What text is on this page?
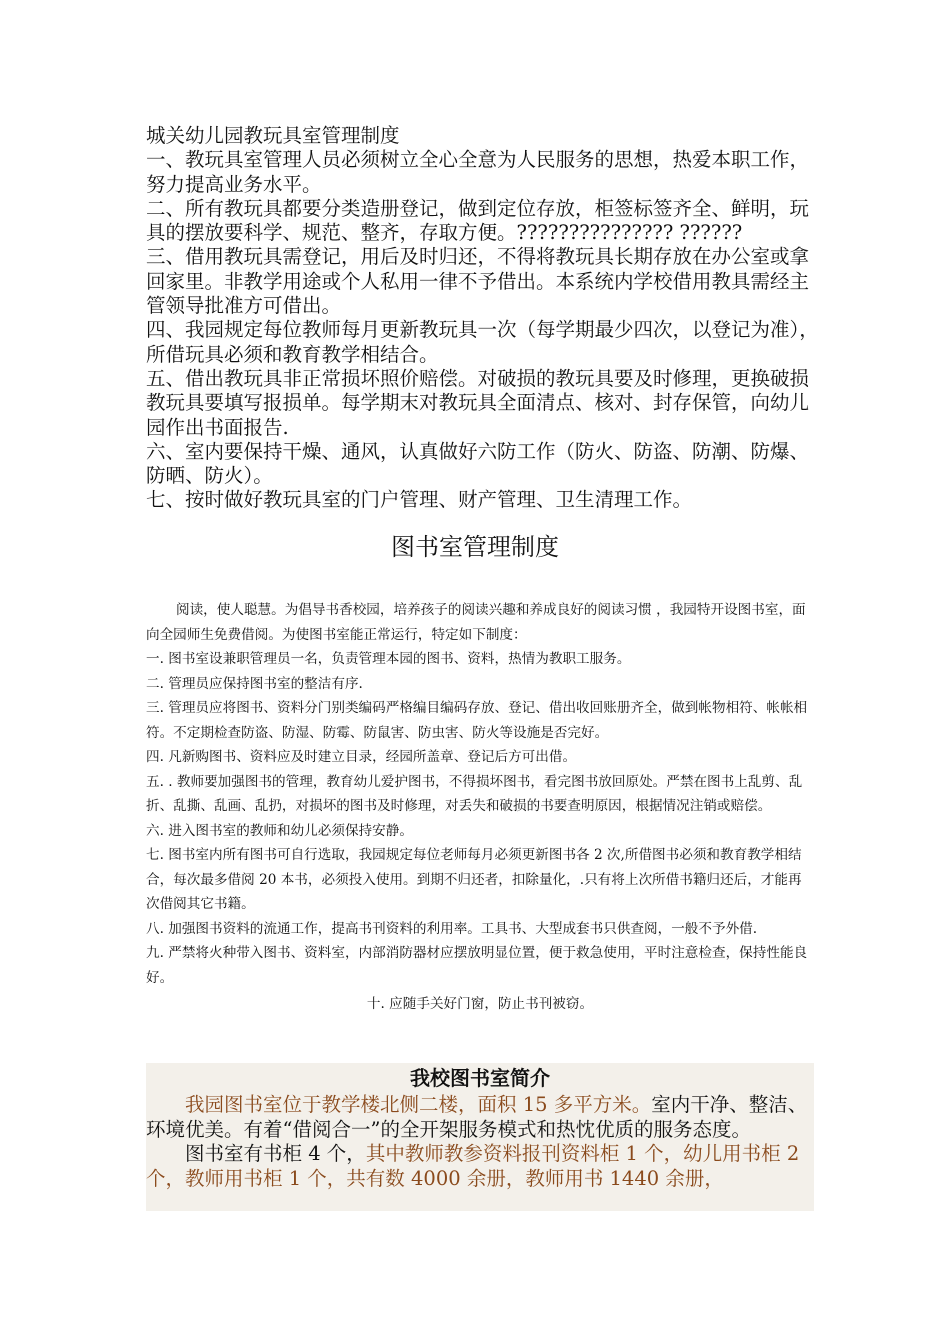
城关幼儿园教玩具室管理制度

一、教玩具室管理人员必须树立全心全意为人民服务的思想，热爱本职工作，努力提高业务水平。

二、所有教玩具都要分类造册登记，做到定位存放，柜签标签齐全、鲜明，玩具的摆放要科学、规范、整齐，存取方便。??????????????? ??????

三、借用教玩具需登记，用后及时归还，不得将教玩具长期存放在办公室或拿回家里。非教学用途或个人私用一律不予借出。本系统内学校借用教具需经主管领导批准方可借出。

四、我园规定每位教师每月更新教玩具一次（每学期最少四次，以登记为准），所借玩具必须和教育教学相结合。

五、借出教玩具非正常损坏照价赔偿。对破损的教玩具要及时修理，更换破损教玩具要填写报损单。每学期末对教玩具全面清点、核对、封存保管，向幼儿园作出书面报告.

六、室内要保持干燥、通风，认真做好六防工作（防火、防盗、防潮、防爆、防晒、防火）。

七、按时做好教玩具室的门户管理、财产管理、卫生清理工作。

图书室管理制度

阅读，使人聪慧。为倡导书香校园，培养孩子的阅读兴趣和养成良好的阅读习惯 ，我园特开设图书室，面向全园师生免费借阅。为使图书室能正常运行，特定如下制度：

一. 图书室设兼职管理员一名，负责管理本园的图书、资料，热情为教职工服务。

二. 管理员应保持图书室的整洁有序.

三. 管理员应将图书、资料分门别类编码严格编目编码存放、登记、借出收回账册齐全，做到帐物相符、帐帐相符。不定期检查防盗、防湿、防霉、防鼠害、防虫害、防火等设施是否完好。

四. 凡新购图书、资料应及时建立目录，经园所盖章、登记后方可出借。

五. . 教师要加强图书的管理，教育幼儿爱护图书，不得损坏图书，看完图书放回原处。严禁在图书上乱剪、乱折、乱撕、乱画、乱扔，对损坏的图书及时修理，对丢失和破损的书要查明原因，根据情况注销或赔偿。

六. 进入图书室的教师和幼儿必须保持安静。

七. 图书室内所有图书可自行选取，我园规定每位老师每月必须更新图书各 2 次,所借图书必须和教育教学相结合，每次最多借阅 20 本书，必须投入使用。到期不归还者，扣除量化，.只有将上次所借书籍归还后，才能再次借阅其它书籍。

八. 加强图书资料的流通工作，提高书刊资料的利用率。工具书、大型成套书只供查阅，一般不予外借.

九. 严禁将火种带入图书、资料室，内部消防器材应摆放明显位置，便于救急使用，平时注意检查，保持性能良好。

十. 应随手关好门窗，防止书刊被窃。

我校图书室简介

我园图书室位于教学楼北侧二楼，面积 15 多平方米。室内干净、整洁、环境优美。有着“借阅合一”的全开架服务模式和热忱优质的服务态度。

图书室有书柜 4 个，其中教师教参资料报刊资料柜 1 个，幼儿用书柜 2 个，教师用书柜 1 个，共有数 4000 余册，教师用书 1440 余册，
